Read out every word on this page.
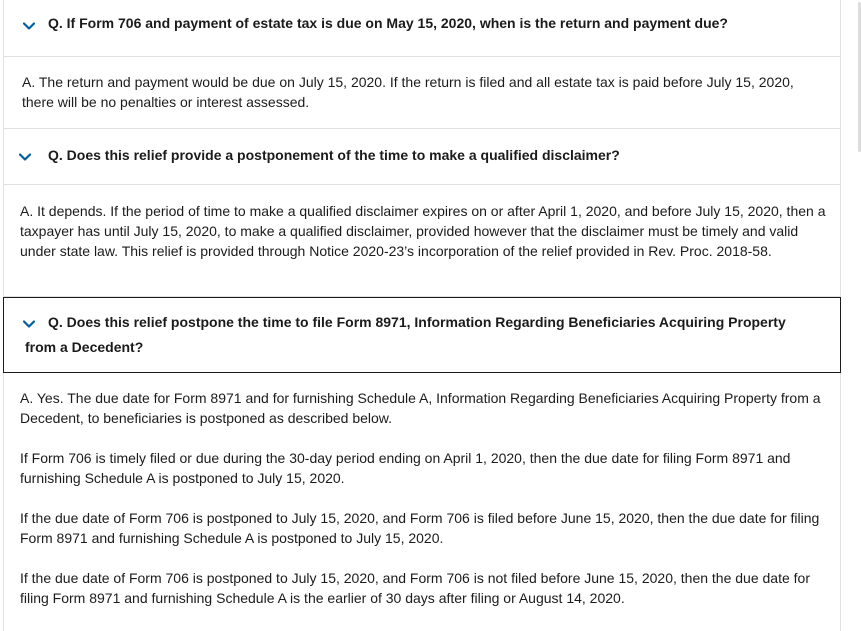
Q. If Form 706 and payment of estate tax is due on May 15, 2020, when is the return and payment due?

A. The return and payment would be due on July 15, 2020. If the return is filed and all estate tax is paid before July 15, 2020, there will be no penalties or interest assessed.

Q. Does this relief provide a postponement of the time to make a qualified disclaimer?

A. It depends. If the period of time to make a qualified disclaimer expires on or after April 1, 2020, and before July 15, 2020, then a taxpayer has until July 15, 2020, to make a qualified disclaimer, provided however that the disclaimer must be timely and valid under state law. This relief is provided through Notice 2020-23’s incorporation of the relief provided in Rev. Proc. 2018-58.

Q. Does this relief postpone the time to file Form 8971, Information Regarding Beneficiaries Acquiring Property from a Decedent?

A. Yes. The due date for Form 8971 and for furnishing Schedule A, Information Regarding Beneficiaries Acquiring Property from a Decedent, to beneficiaries is postponed as described below.

If Form 706 is timely filed or due during the 30-day period ending on April 1, 2020, then the due date for filing Form 8971 and furnishing Schedule A is postponed to July 15, 2020.

If the due date of Form 706 is postponed to July 15, 2020, and Form 706 is filed before June 15, 2020, then the due date for filing Form 8971 and furnishing Schedule A is postponed to July 15, 2020.

If the due date of Form 706 is postponed to July 15, 2020, and Form 706 is not filed before June 15, 2020, then the due date for filing Form 8971 and furnishing Schedule A is the earlier of 30 days after filing or August 14, 2020.
